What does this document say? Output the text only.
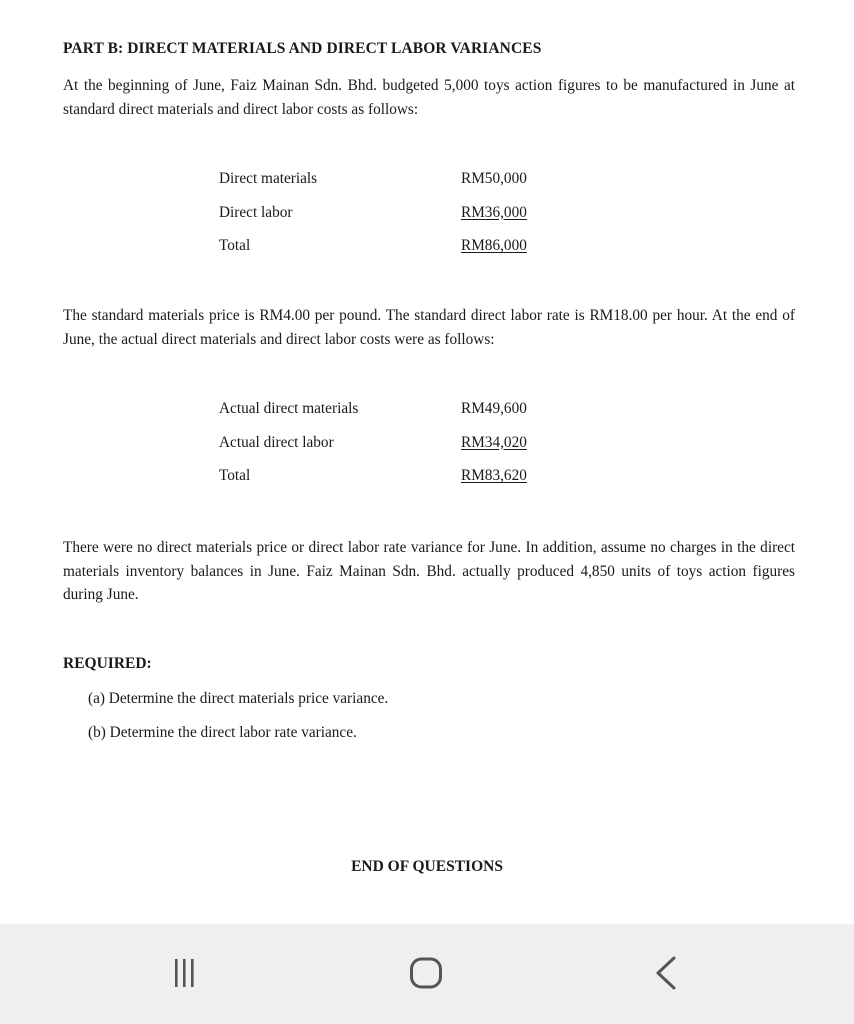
PART B: DIRECT MATERIALS AND DIRECT LABOR VARIANCES
At the beginning of June, Faiz Mainan Sdn. Bhd. budgeted 5,000 toys action figures to be manufactured in June at standard direct materials and direct labor costs as follows:
Direct materials	RM50,000
Direct labor	RM36,000
Total	RM86,000
The standard materials price is RM4.00 per pound. The standard direct labor rate is RM18.00 per hour. At the end of June, the actual direct materials and direct labor costs were as follows:
Actual direct materials	RM49,600
Actual direct labor	RM34,020
Total	RM83,620
There were no direct materials price or direct labor rate variance for June. In addition, assume no charges in the direct materials inventory balances in June. Faiz Mainan Sdn. Bhd. actually produced 4,850 units of toys action figures during June.
REQUIRED:
(a) Determine the direct materials price variance.
(b) Determine the direct labor rate variance.
END OF QUESTIONS
